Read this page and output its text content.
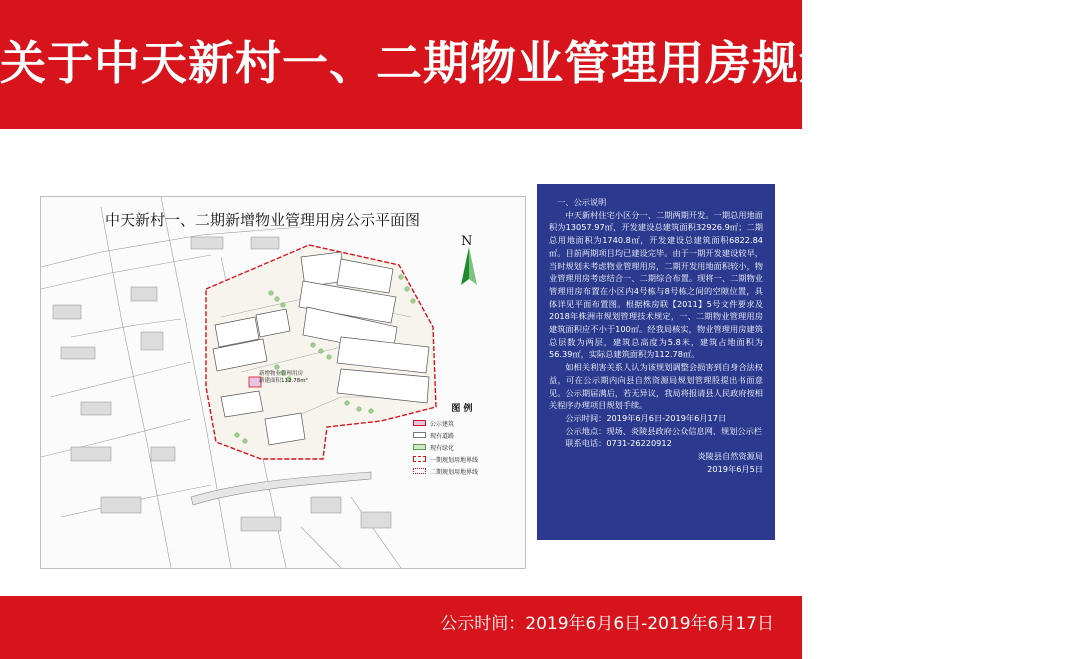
关于中天新村一、二期物业管理用房规划的批前公示
中天新村一、二期新增物业管理用房公示平面图
N
新增物业管理用房
新建面积112.78m²
图 例
公示建筑
现有道路
现有绿化
一期规划用地界线
二期规划用地界线

一、公示说明

中天新村住宅小区分一、二期两期开发。一期总用地面积为13057.97㎡，开发建设总建筑面积32926.9㎡；二期总用地面积为1740.8㎡，开发建设总建筑面积6822.84㎡。目前两期项目均已建设完毕。由于一期开发建设较早，当时规划未考虑物业管理用房，二期开发用地面积较小，物业管理用房考虑结合一、二期综合布置。现将一、二期物业管理用房布置在小区内4号栋与8号栋之间的空隙位置，具体详见平面布置图。根据株房联【2011】5号文件要求及2018年株洲市规划管理技术规定，一、二期物业管理用房建筑面积应不小于100㎡。经我局核实，物业管理用房建筑总层数为两层，建筑总高度为5.8米，建筑占地面积为56.39㎡，实际总建筑面积为112.78㎡。

如相关利害关系人认为该规划调整会损害到自身合法权益，可在公示期内向县自然资源局规划管理股提出书面意见。公示期届满后，若无异议，我局将报请县人民政府按相关程序办理项目规划手续。

公示时间：2019年6月6日-2019年6月17日

公示地点：现场、炎陵县政府公众信息网、规划公示栏

联系电话：0731-26220912

炎陵县自然资源局

2019年6月5日

公示时间：2019年6月6日-2019年6月17日
